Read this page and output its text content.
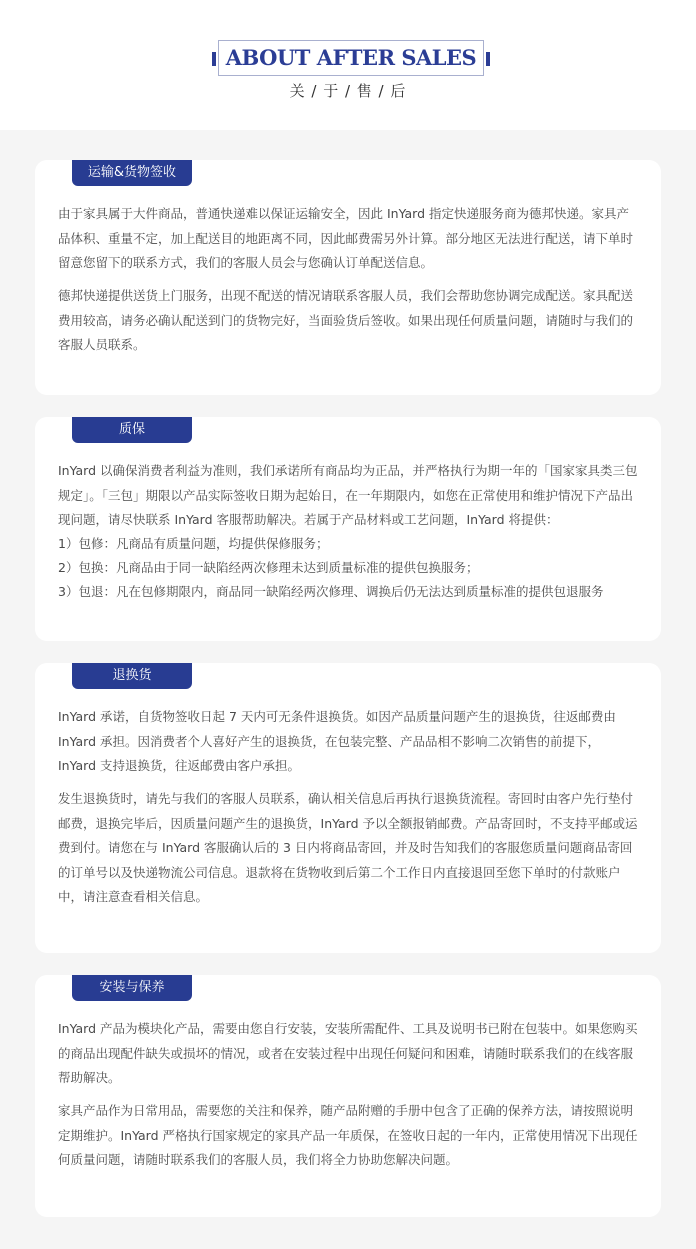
ABOUT AFTER SALES
关 / 于 / 售 / 后
运输&货物签收

由于家具属于大件商品，普通快递难以保证运输安全，因此 InYard 指定快递服务商为德邦快递。家具产品体积、重量不定，加上配送目的地距离不同，因此邮费需另外计算。部分地区无法进行配送，请下单时留意您留下的联系方式，我们的客服人员会与您确认订单配送信息。

德邦快递提供送货上门服务，出现不配送的情况请联系客服人员，我们会帮助您协调完成配送。家具配送费用较高，请务必确认配送到门的货物完好，当面验货后签收。如果出现任何质量问题，请随时与我们的客服人员联系。

质保

InYard 以确保消费者利益为准则，我们承诺所有商品均为正品，并严格执行为期一年的「国家家具类三包规定」。「三包」期限以产品实际签收日期为起始日，在一年期限内，如您在正常使用和维护情况下产品出现问题，请尽快联系 InYard 客服帮助解决。若属于产品材料或工艺问题，InYard 将提供：

1）包修：凡商品有质量问题，均提供保修服务；

2）包换：凡商品由于同一缺陷经两次修理未达到质量标准的提供包换服务；

3）包退：凡在包修期限内，商品同一缺陷经两次修理、调换后仍无法达到质量标准的提供包退服务

退换货

InYard 承诺，自货物签收日起 7 天内可无条件退换货。如因产品质量问题产生的退换货，往返邮费由 InYard 承担。因消费者个人喜好产生的退换货，在包装完整、产品品相不影响二次销售的前提下，InYard 支持退换货，往返邮费由客户承担。

发生退换货时，请先与我们的客服人员联系，确认相关信息后再执行退换货流程。寄回时由客户先行垫付邮费，退换完毕后，因质量问题产生的退换货，InYard 予以全额报销邮费。产品寄回时，不支持平邮或运费到付。请您在与 InYard 客服确认后的 3 日内将商品寄回，并及时告知我们的客服您质量问题商品寄回的订单号以及快递物流公司信息。退款将在货物收到后第二个工作日内直接退回至您下单时的付款账户中，请注意查看相关信息。

安装与保养

InYard 产品为模块化产品，需要由您自行安装，安装所需配件、工具及说明书已附在包装中。如果您购买的商品出现配件缺失或损坏的情况，或者在安装过程中出现任何疑问和困难，请随时联系我们的在线客服帮助解决。

家具产品作为日常用品，需要您的关注和保养，随产品附赠的手册中包含了正确的保养方法，请按照说明定期维护。InYard 严格执行国家规定的家具产品一年质保，在签收日起的一年内，正常使用情况下出现任何质量问题，请随时联系我们的客服人员，我们将全力协助您解决问题。
